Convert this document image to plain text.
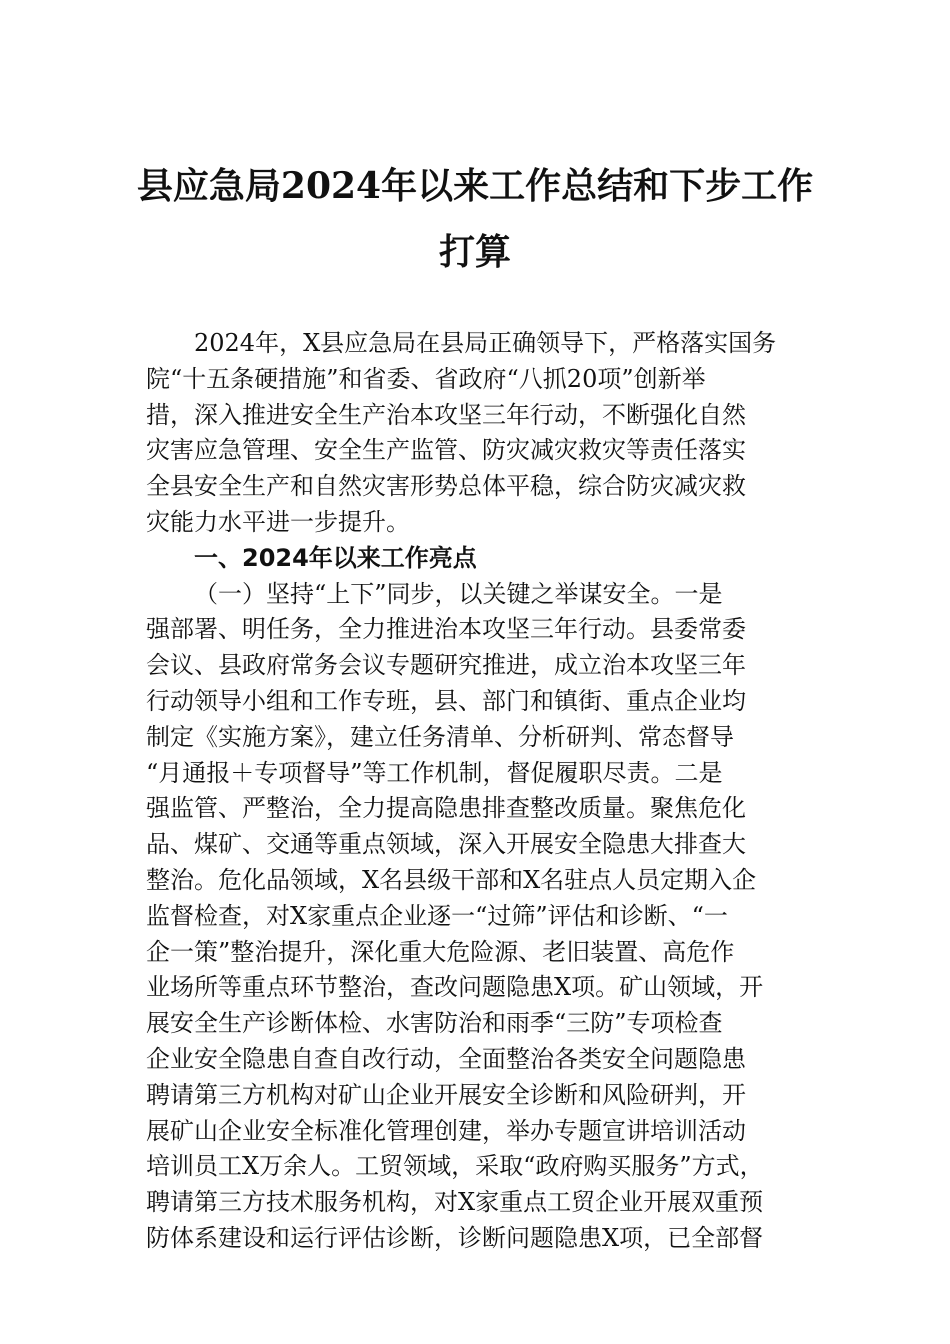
县应急局2024年以来工作总结和下步工作
打算
2024年，X县应急局在县局正确领导下，严格落实国务
院“十五条硬措施”和省委、省政府“八抓20项”创新举
措，深入推进安全生产治本攻坚三年行动，不断强化自然
灾害应急管理、安全生产监管、防灾减灾救灾等责任落实
全县安全生产和自然灾害形势总体平稳，综合防灾减灾救
灾能力水平进一步提升。
一、2024年以来工作亮点
（一）坚持“上下”同步，以关键之举谋安全。一是
强部署、明任务，全力推进治本攻坚三年行动。县委常委
会议、县政府常务会议专题研究推进，成立治本攻坚三年
行动领导小组和工作专班，县、部门和镇街、重点企业均
制定《实施方案》，建立任务清单、分析研判、常态督导
“月通报＋专项督导”等工作机制，督促履职尽责。二是
强监管、严整治，全力提高隐患排查整改质量。聚焦危化
品、煤矿、交通等重点领域，深入开展安全隐患大排查大
整治。危化品领域，X名县级干部和X名驻点人员定期入企
监督检查，对X家重点企业逐一“过筛”评估和诊断、“一
企一策”整治提升，深化重大危险源、老旧装置、高危作
业场所等重点环节整治，查改问题隐患X项。矿山领域，开
展安全生产诊断体检、水害防治和雨季“三防”专项检查
企业安全隐患自查自改行动，全面整治各类安全问题隐患
聘请第三方机构对矿山企业开展安全诊断和风险研判，开
展矿山企业安全标准化管理创建，举办专题宣讲培训活动
培训员工X万余人。工贸领域，采取“政府购买服务”方式，
聘请第三方技术服务机构，对X家重点工贸企业开展双重预
防体系建设和运行评估诊断，诊断问题隐患X项，已全部督
